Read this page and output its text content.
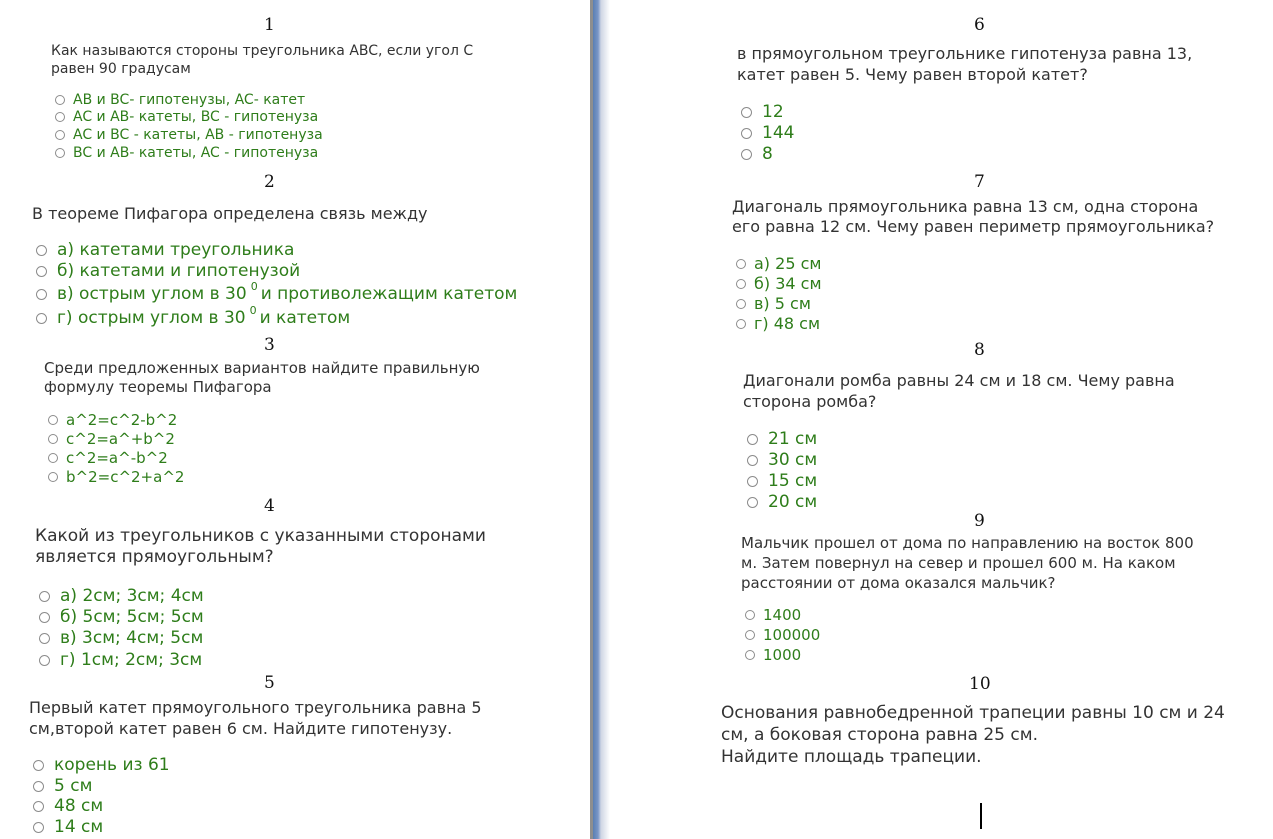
1
Как называются стороны треугольника ABC, если угол C
равен 90 градусам
AB и BC- гипотенузы, AC- катет
AC и AB- катеты, BC - гипотенуза
AC и BC - катеты, AB - гипотенуза
BC и AB- катеты, AC - гипотенуза
2
В теореме Пифагора определена связь между
а) катетами треугольника
б) катетами и гипотенузой
в) острым углом в 30 0 и противолежащим катетом
г) острым углом в 30 0 и катетом
3
Среди предложенных вариантов найдите правильную
формулу теоремы Пифагора
a^2=c^2-b^2
c^2=a^+b^2
c^2=a^-b^2
b^2=c^2+a^2
4
Какой из треугольников с указанными сторонами
является прямоугольным?
а) 2см; 3см; 4см
б) 5см; 5см; 5см
в) 3см; 4см; 5см
г) 1см; 2см; 3см
5
Первый катет прямоугольного треугольника равна 5
см,второй катет равен 6 см. Найдите гипотенузу.
корень из 61
5 см
48 см
14 см
6
в прямоугольном треугольнике гипотенуза равна 13,
катет равен 5. Чему равен второй катет?
12
144
8
7
Диагональ прямоугольника равна 13 см, одна сторона
его равна 12 см. Чему равен периметр прямоугольника?
а) 25 см
б) 34 см
в) 5 см
г) 48 см
8
Диагонали ромба равны 24 см и 18 см. Чему равна
сторона ромба?
21 см
30 см
15 см
20 см
9
Мальчик прошел от дома по направлению на восток 800
м. Затем повернул на север и прошел 600 м. На каком
расстоянии от дома оказался мальчик?
1400
100000
1000
10
Основания равнобедренной трапеции равны 10 см и 24
см, а боковая сторона равна 25 см.
Найдите площадь трапеции.
